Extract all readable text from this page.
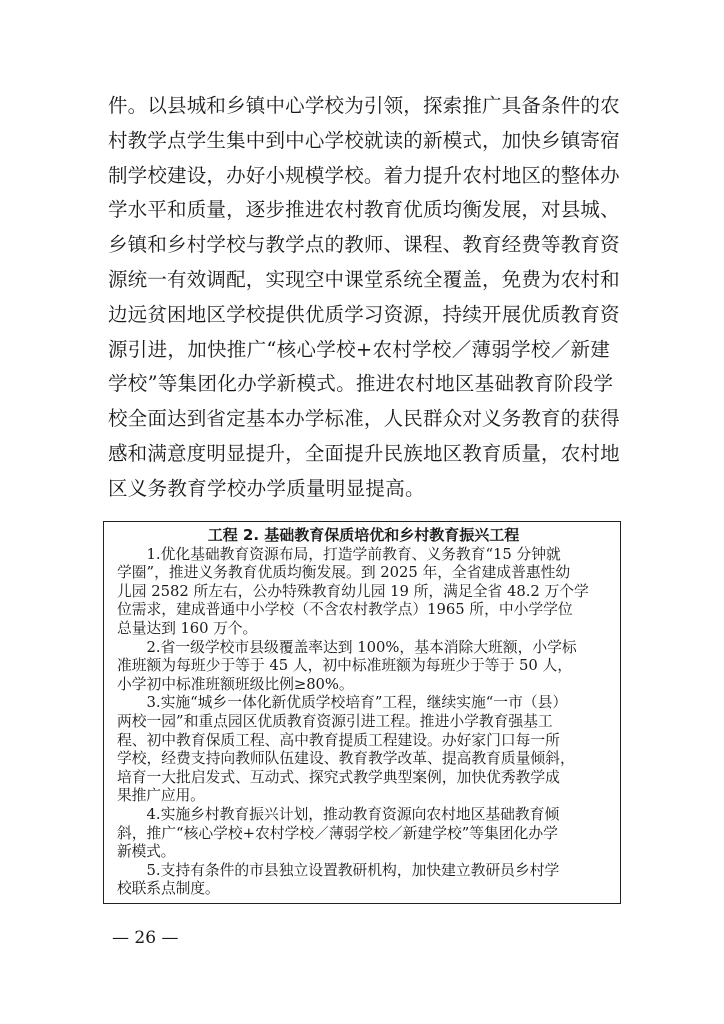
件。以县城和乡镇中心学校为引领，探索推广具备条件的农
村教学点学生集中到中心学校就读的新模式，加快乡镇寄宿
制学校建设，办好小规模学校。着力提升农村地区的整体办
学水平和质量，逐步推进农村教育优质均衡发展，对县城、
乡镇和乡村学校与教学点的教师、课程、教育经费等教育资
源统一有效调配，实现空中课堂系统全覆盖，免费为农村和
边远贫困地区学校提供优质学习资源，持续开展优质教育资
源引进，加快推广“核心学校+农村学校／薄弱学校／新建
学校”等集团化办学新模式。推进农村地区基础教育阶段学
校全面达到省定基本办学标准，人民群众对义务教育的获得
感和满意度明显提升，全面提升民族地区教育质量，农村地
区义务教育学校办学质量明显提高。
工程 2. 基础教育保质培优和乡村教育振兴工程
　　1.优化基础教育资源布局，打造学前教育、义务教育“15 分钟就
学圈”，推进义务教育优质均衡发展。到 2025 年，全省建成普惠性幼
儿园 2582 所左右，公办特殊教育幼儿园 19 所，满足全省 48.2 万个学
位需求，建成普通中小学校（不含农村教学点）1965 所，中小学学位
总量达到 160 万个。
　　2.省一级学校市县级覆盖率达到 100%，基本消除大班额，小学标
准班额为每班少于等于 45 人，初中标准班额为每班少于等于 50 人，
小学初中标准班额班级比例≥80%。
　　3.实施“城乡一体化新优质学校培育”工程，继续实施“一市（县）
两校一园”和重点园区优质教育资源引进工程。推进小学教育强基工
程、初中教育保质工程、高中教育提质工程建设。办好家门口每一所
学校，经费支持向教师队伍建设、教育教学改革、提高教育质量倾斜，
培育一大批启发式、互动式、探究式教学典型案例，加快优秀教学成
果推广应用。
　　4.实施乡村教育振兴计划，推动教育资源向农村地区基础教育倾
斜，推广“核心学校+农村学校／薄弱学校／新建学校”等集团化办学
新模式。
　　5.支持有条件的市县独立设置教研机构，加快建立教研员乡村学
校联系点制度。
— 26 —
